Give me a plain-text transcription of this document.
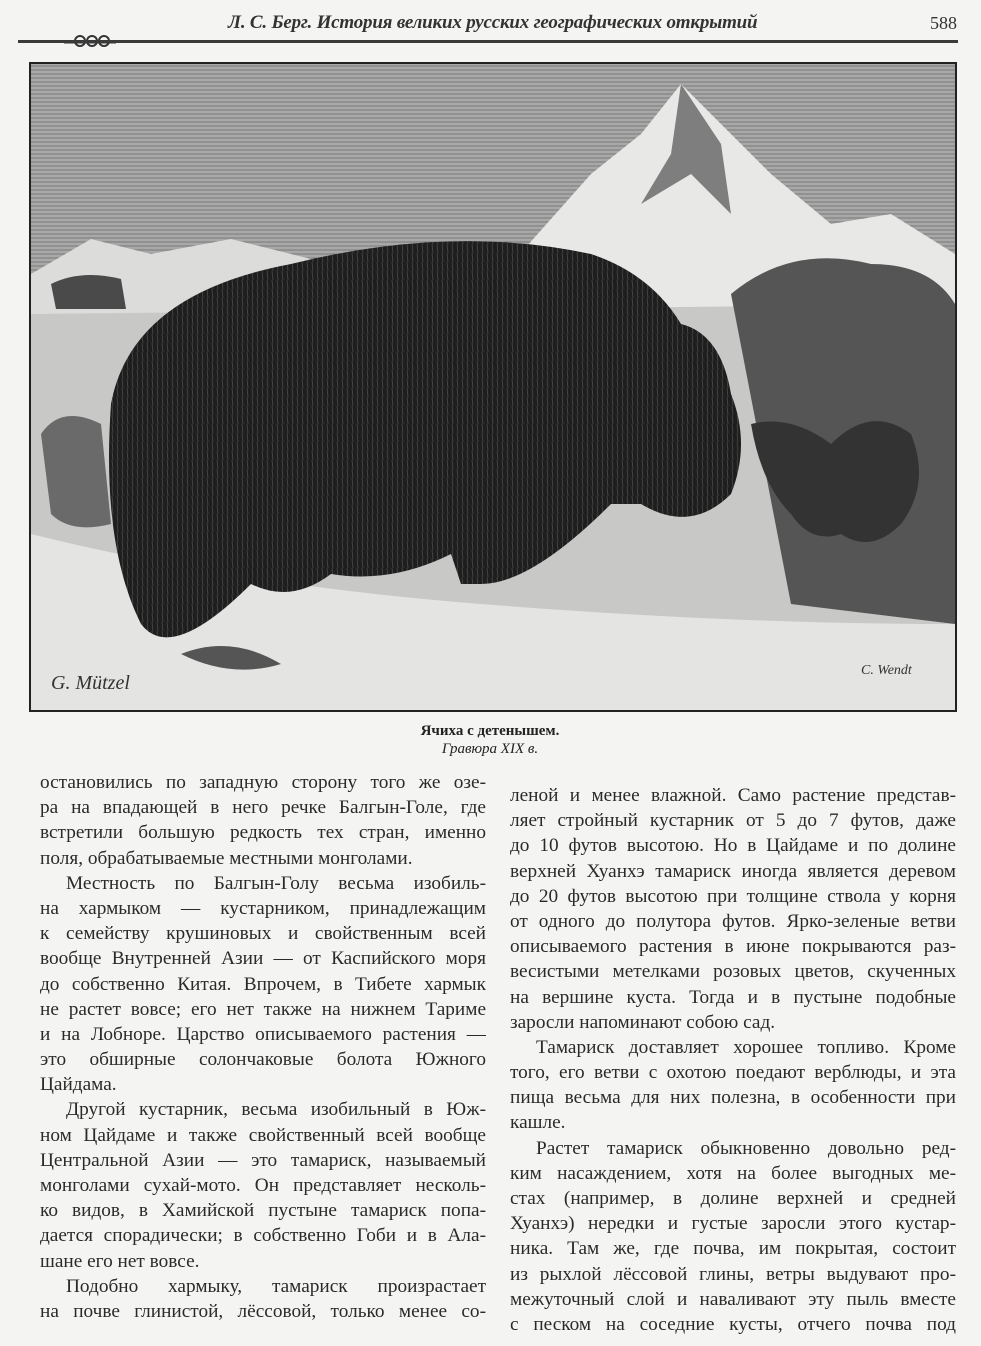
Л. С. Берг. История великих русских географических открытий	588
G. Mützel
C. Wendt
Ячиха с детенышем.
Гравюра XIX в.
остановились по западную сторону того же озе-
ра на впадающей в него речке Балгын-Голе, где
встретили большую редкость тех стран, именно
поля, обрабатываемые местными монголами.
Местность по Балгын-Голу весьма изобиль-
на хармыком — кустарником, принадлежащим
к семейству крушиновых и свойственным всей
вообще Внутренней Азии — от Каспийского моря
до собственно Китая. Впрочем, в Тибете хармык
не растет вовсе; его нет также на нижнем Тариме
и на Лобноре. Царство описываемого растения —
это обширные солончаковые болота Южного
Цайдама.
Другой кустарник, весьма изобильный в Юж-
ном Цайдаме и также свойственный всей вообще
Центральной Азии — это тамариск, называемый
монголами сухай-мото. Он представляет несколь-
ко видов, в Хамийской пустыне тамариск попа-
дается спорадически; в собственно Гоби и в Ала-
шане его нет вовсе.
Подобно хармыку, тамариск произрастает
на почве глинистой, лёссовой, только менее со-
леной и менее влажной. Само растение представ-
ляет стройный кустарник от 5 до 7 футов, даже
до 10 футов высотою. Но в Цайдаме и по долине
верхней Хуанхэ тамариск иногда является деревом
до 20 футов высотою при толщине ствола у корня
от одного до полутора футов. Ярко-зеленые ветви
описываемого растения в июне покрываются раз-
весистыми метелками розовых цветов, скученных
на вершине куста. Тогда и в пустыне подобные
заросли напоминают собою сад.
Тамариск доставляет хорошее топливо. Кроме
того, его ветви с охотою поедают верблюды, и эта
пища весьма для них полезна, в особенности при
кашле.
Растет тамариск обыкновенно довольно ред-
ким насаждением, хотя на более выгодных ме-
стах (например, в долине верхней и средней
Хуанхэ) нередки и густые заросли этого кустар-
ника. Там же, где почва, им покрытая, состоит
из рыхлой лёссовой глины, ветры выдувают про-
межуточный слой и наваливают эту пыль вместе
с песком на соседние кусты, отчего почва под
